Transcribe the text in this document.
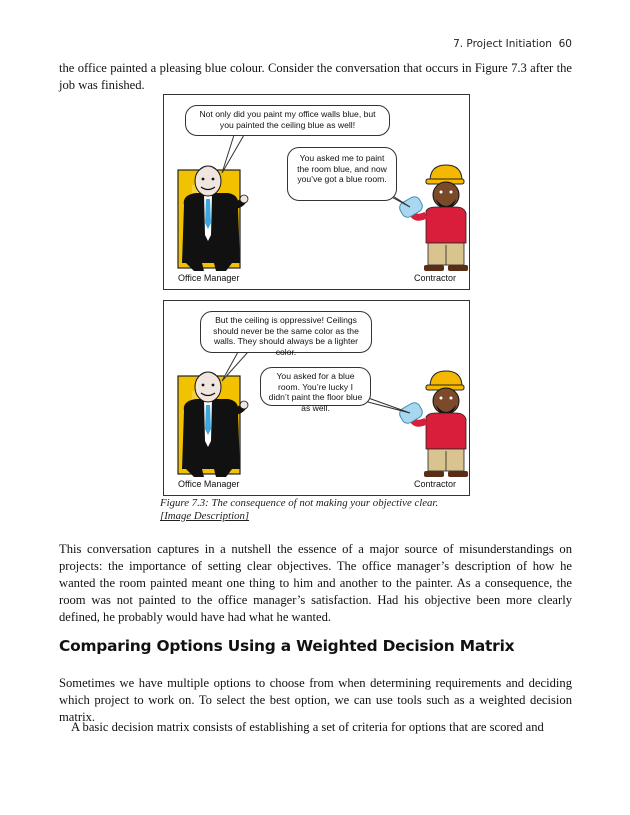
7. Project Initiation 60

the office painted a pleasing blue colour. Consider the conversation that occurs in Figure 7.3 after the job was finished.

Not only did you paint my office walls blue, but you painted the ceiling blue as well!
You asked me to paint the room blue, and now you’ve got a blue room.
Office Manager	Contractor
But the ceiling is oppressive! Ceilings should never be the same color as the walls. They should always be a lighter color.
You asked for a blue room. You’re lucky I didn’t paint the floor blue as well.
Office Manager	Contractor
Figure 7.3: The consequence of not making your objective clear.
[Image Description]

This conversation captures in a nutshell the essence of a major source of misunderstandings on projects: the importance of setting clear objectives. The office manager’s description of how he wanted the room painted meant one thing to him and another to the painter. As a consequence, the room was not painted to the office manager’s satisfaction. Had his objective been more clearly defined, he probably would have had what he wanted.

Comparing Options Using a Weighted Decision Matrix

Sometimes we have multiple options to choose from when determining requirements and deciding which project to work on. To select the best option, we can use tools such as a weighted decision matrix.

A basic decision matrix consists of establishing a set of criteria for options that are scored and
